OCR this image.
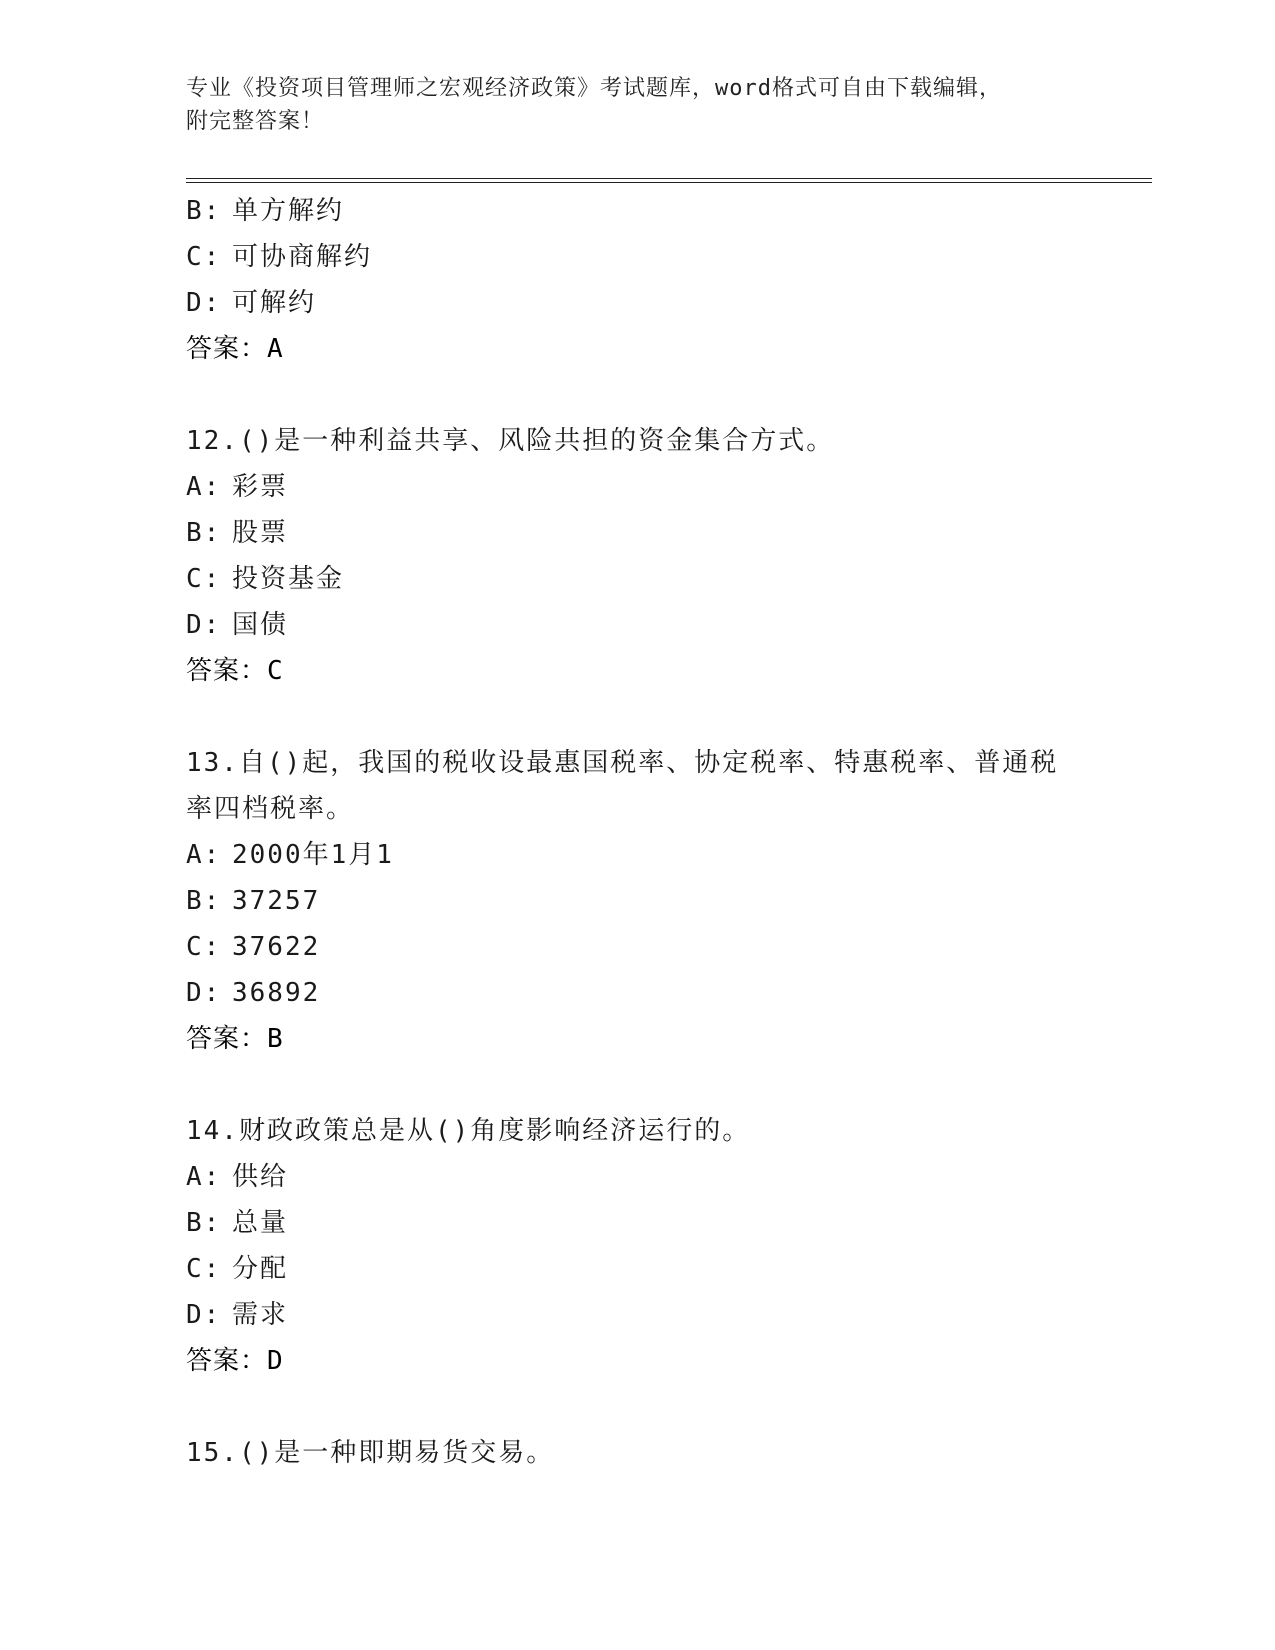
专业《投资项目管理师之宏观经济政策》考试题库，word格式可自由下载编辑，
附完整答案！
B: 单方解约
C: 可协商解约
D: 可解约
答案：A
12.()是一种利益共享、风险共担的资金集合方式。
A: 彩票
B: 股票
C: 投资基金
D: 国债
答案：C
13.自()起，我国的税收设最惠国税率、协定税率、特惠税率、普通税
率四档税率。
A: 2000年1月1
B: 37257
C: 37622
D: 36892
答案：B
14.财政政策总是从()角度影响经济运行的。
A: 供给
B: 总量
C: 分配
D: 需求
答案：D
15.()是一种即期易货交易。
